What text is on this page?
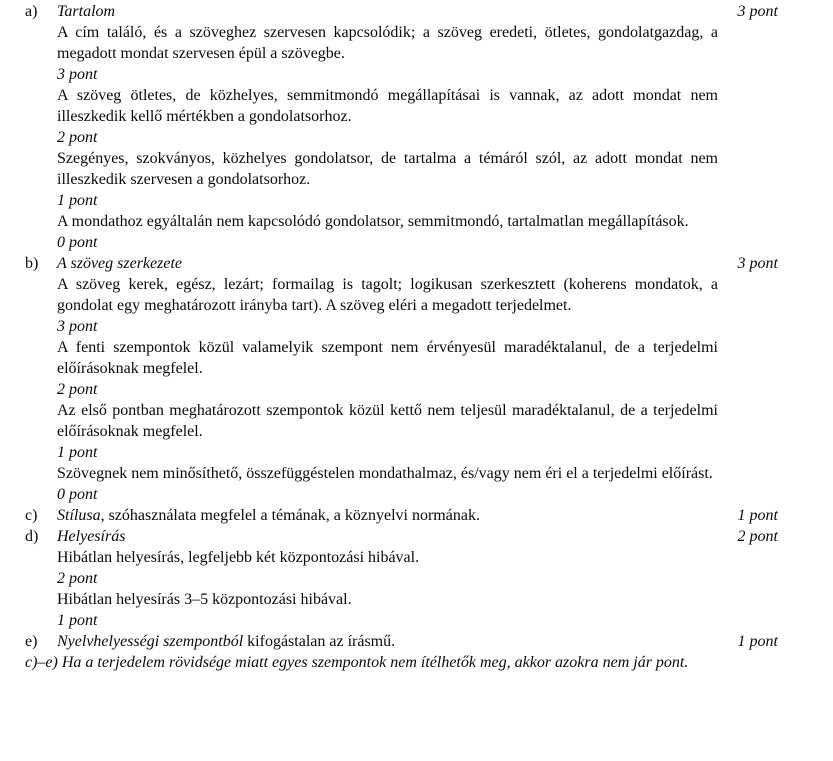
a)	Tartalom	3 pont

A cím találó, és a szöveghez szervesen kapcsolódik; a szöveg eredeti, ötletes, gondolatgazdag, a megadott mondat szervesen épül a szövegbe.

3 pont

A szöveg ötletes, de közhelyes, semmitmondó megállapításai is vannak, az adott mondat nem illeszkedik kellő mértékben a gondolatsorhoz.

2 pont

Szegényes, szokványos, közhelyes gondolatsor, de tartalma a témáról szól, az adott mondat nem illeszkedik szervesen a gondolatsorhoz.

1 pont

A mondathoz egyáltalán nem kapcsolódó gondolatsor, semmitmondó, tartalmatlan megállapítások.

0 pont

b)	A szöveg szerkezete	3 pont

A szöveg kerek, egész, lezárt; formailag is tagolt; logikusan szerkesztett (koherens mondatok, a gondolat egy meghatározott irányba tart). A szöveg eléri a megadott terjedelmet.

3 pont

A fenti szempontok közül valamelyik szempont nem érvényesül maradéktalanul, de a terjedelmi előírásoknak megfelel.

2 pont

Az első pontban meghatározott szempontok közül kettő nem teljesül maradéktalanul, de a terjedelmi előírásoknak megfelel.

1 pont

Szövegnek nem minősíthető, összefüggéstelen mondathalmaz, és/vagy nem éri el a terjedelmi előírást.

0 pont

c)	Stílusa, szóhasználata megfelel a témának, a köznyelvi normának.	1 pont
d)	Helyesírás	2 pont

Hibátlan helyesírás, legfeljebb két központozási hibával.

2 pont

Hibátlan helyesírás 3–5 központozási hibával.

1 pont

e)	Nyelvhelyességi szempontból kifogástalan az írásmű.	1 pont

c)–e) Ha a terjedelem rövidsége miatt egyes szempontok nem ítélhetők meg, akkor azokra nem jár pont.
